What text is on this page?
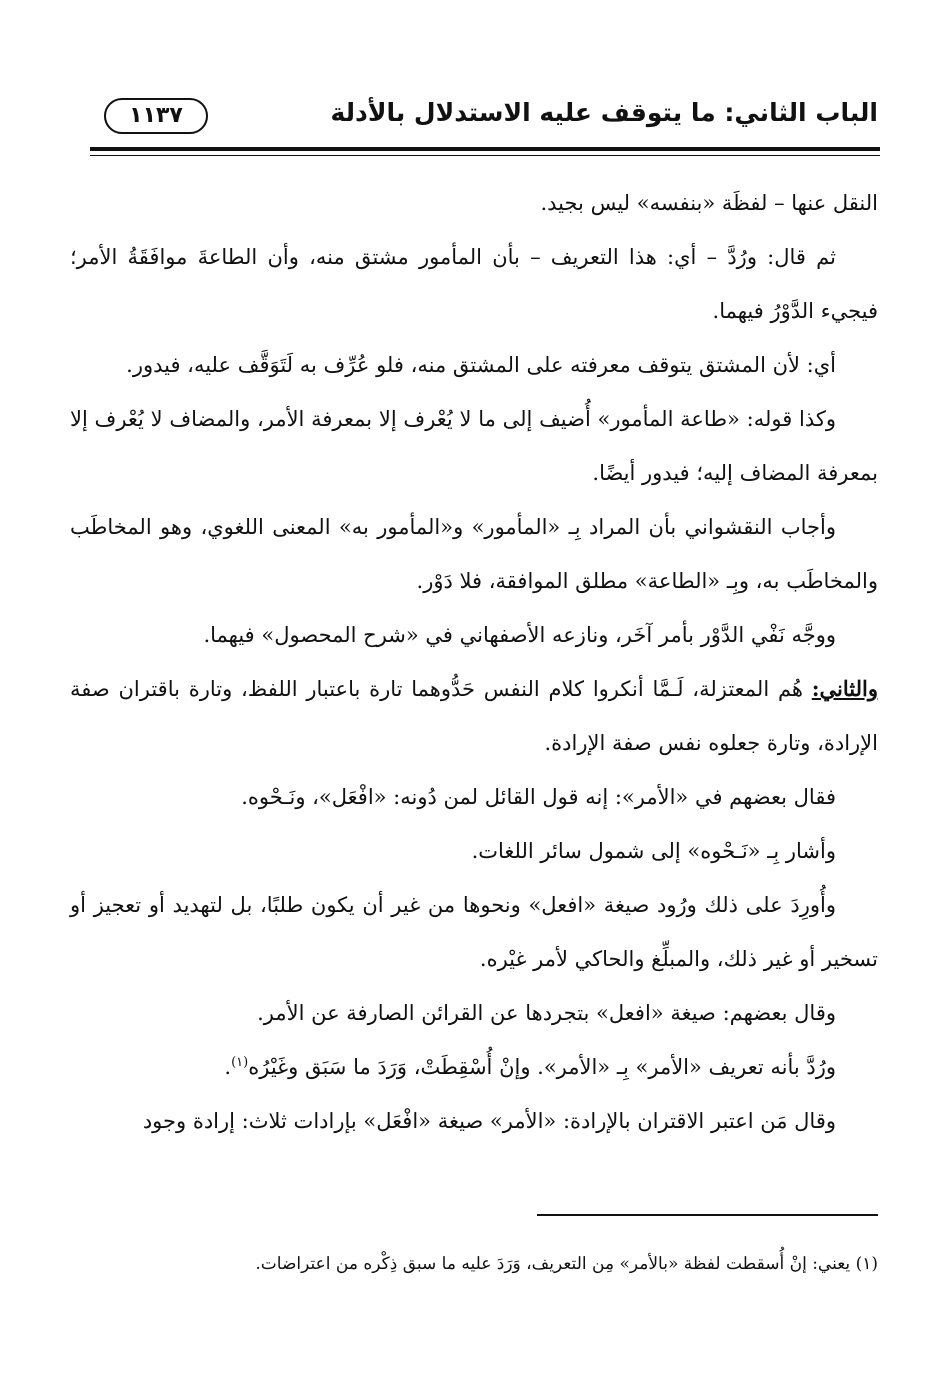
الباب الثاني: ما يتوقف عليه الاستدلال بالأدلة
١١٣٧

النقل عنها – لفظَة «بنفسه» ليس بجيد.

ثم قال: ورُدَّ – أي: هذا التعريف – بأن المأمور مشتق منه، وأن الطاعةَ موافَقَةُ الأمر؛ فيجيء الدَّوْرُ فيهما.

أي: لأن المشتق يتوقف معرفته على المشتق منه، فلو عُرِّف به لَتَوَقَّف عليه، فيدور.

وكذا قوله: «طاعة المأمور» أُضيف إلى ما لا يُعْرف إلا بمعرفة الأمر، والمضاف لا يُعْرف إلا بمعرفة المضاف إليه؛ فيدور أيضًا.

وأجاب النقشواني بأن المراد بِـ «المأمور» و«المأمور به» المعنى اللغوي، وهو المخاطَب والمخاطَب به، وبِـ «الطاعة» مطلق الموافقة، فلا دَوْر.

ووجَّه نَفْي الدَّوْر بأمر آخَر، ونازعه الأصفهاني في «شرح المحصول» فيهما.

والثاني: هُم المعتزلة، لَـمَّا أنكروا كلام النفس حَدُّوهما تارة باعتبار اللفظ، وتارة باقتران صفة الإرادة، وتارة جعلوه نفس صفة الإرادة.

فقال بعضهم في «الأمر»: إنه قول القائل لمن دُونه: «افْعَل»، ونَـحْوه.

وأشار بِـ «نَـحْوه» إلى شمول سائر اللغات.

وأُورِدَ على ذلك ورُود صيغة «افعل» ونحوها من غير أن يكون طلبًا، بل لتهديد أو تعجيز أو تسخير أو غير ذلك، والمبلِّغ والحاكي لأمر غيْره.

وقال بعضهم: صيغة «افعل» بتجردها عن القرائن الصارفة عن الأمر.

ورُدَّ بأنه تعريف «الأمر» بِـ «الأمر». وإنْ أُسْقِطَتْ، وَرَدَ ما سَبَق وغَيْرُه$^{(١)}$.

وقال مَن اعتبر الاقتران بالإرادة: «الأمر» صيغة «افْعَل» بإرادات ثلاث: إرادة وجود

(١) يعني: إنْ أُسقطت لفظة «بالأمر» مِن التعريف، وَرَدَ عليه ما سبق ذِكْره من اعتراضات.
